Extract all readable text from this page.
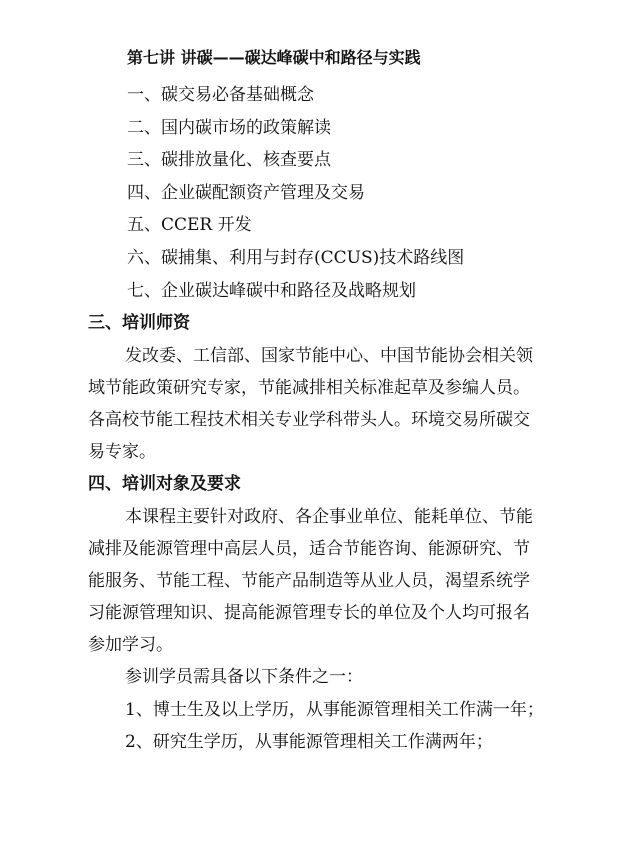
第七讲 讲碳——碳达峰碳中和路径与实践
一、碳交易必备基础概念
二、国内碳市场的政策解读
三、碳排放量化、核查要点
四、企业碳配额资产管理及交易
五、CCER 开发
六、碳捕集、利用与封存(CCUS)技术路线图
七、企业碳达峰碳中和路径及战略规划
三、培训师资
发改委、工信部、国家节能中心、中国节能协会相关领
域节能政策研究专家，节能减排相关标准起草及参编人员。
各高校节能工程技术相关专业学科带头人。环境交易所碳交
易专家。
四、培训对象及要求
本课程主要针对政府、各企事业单位、能耗单位、节能
减排及能源管理中高层人员，适合节能咨询、能源研究、节
能服务、节能工程、节能产品制造等从业人员，渴望系统学
习能源管理知识、提高能源管理专长的单位及个人均可报名
参加学习。
参训学员需具备以下条件之一：
1、博士生及以上学历，从事能源管理相关工作满一年；
2、研究生学历，从事能源管理相关工作满两年；
